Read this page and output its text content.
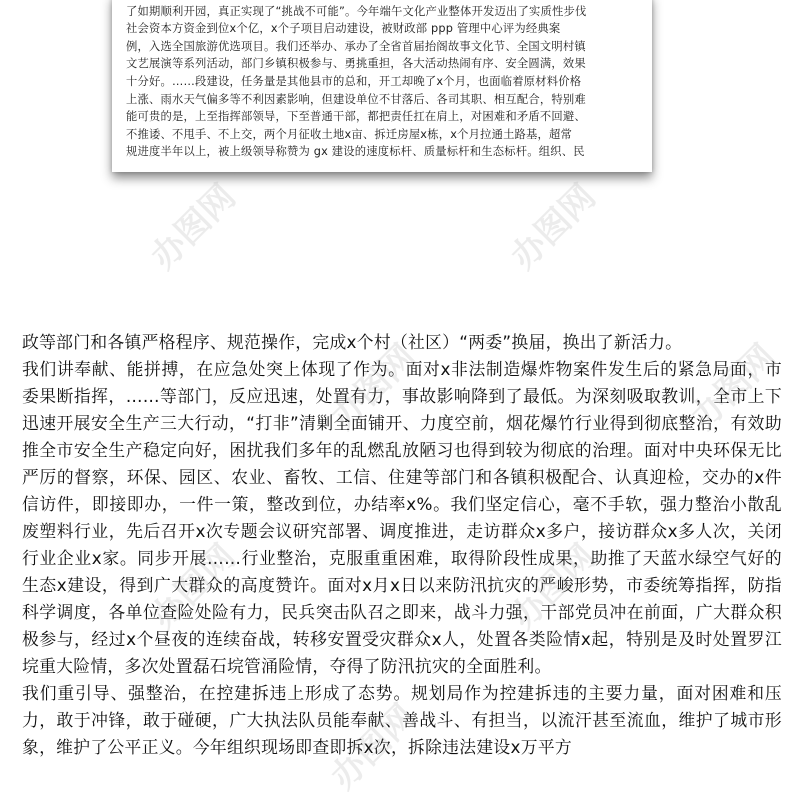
了如期顺利开园，真正实现了“挑战不可能”。今年端午文化产业整体开发迈出了实质性步伐
社会资本方资金到位x个亿，x个子项目启动建设，被财政部 ppp 管理中心评为经典案
例，入选全国旅游优选项目。我们还举办、承办了全省首届抬阁故事文化节、全国文明村镇
文艺展演等系列活动，部门乡镇积极参与、勇挑重担，各大活动热闹有序、安全圆满，效果
十分好。……段建设，任务量是其他县市的总和，开工却晚了x个月，也面临着原材料价格
上涨、雨水天气偏多等不利因素影响，但建设单位不甘落后、各司其职、相互配合，特别难
能可贵的是，上至指挥部领导，下至普通干部，都把责任扛在肩上，对困难和矛盾不回避、
不推诿、不甩手、不上交，两个月征收土地x亩、拆迁房屋x栋，x个月拉通土路基，超常
规进度半年以上，被上级领导称赞为 gx 建设的速度标杆、质量标杆和生态标杆。组织、民

政等部门和各镇严格程序、规范操作，完成x个村（社区）“两委”换届，换出了新活力。

我们讲奉献、能拼搏，在应急处突上体现了作为。面对x非法制造爆炸物案件发生后的紧急局面，市委果断指挥，……等部门，反应迅速，处置有力，事故影响降到了最低。为深刻吸取教训，全市上下迅速开展安全生产三大行动，“打非”清剿全面铺开、力度空前，烟花爆竹行业得到彻底整治，有效助推全市安全生产稳定向好，困扰我们多年的乱燃乱放陋习也得到较为彻底的治理。面对中央环保无比严厉的督察，环保、园区、农业、畜牧、工信、住建等部门和各镇积极配合、认真迎检，交办的x件信访件，即接即办，一件一策，整改到位，办结率x%。我们坚定信心，毫不手软，强力整治小散乱废塑料行业，先后召开x次专题会议研究部署、调度推进，走访群众x多户，接访群众x多人次，关闭行业企业x家。同步开展……行业整治，克服重重困难，取得阶段性成果，助推了天蓝水绿空气好的生态x建设，得到广大群众的高度赞许。面对x月x日以来防汛抗灾的严峻形势，市委统筹指挥，防指科学调度，各单位查险处险有力，民兵突击队召之即来，战斗力强，干部党员冲在前面，广大群众积极参与，经过x个昼夜的连续奋战，转移安置受灾群众x人，处置各类险情x起，特别是及时处置罗江垸重大险情，多次处置磊石垸管涌险情，夺得了防汛抗灾的全面胜利。

我们重引导、强整治，在控建拆违上形成了态势。规划局作为控建拆违的主要力量，面对困难和压力，敢于冲锋，敢于碰硬，广大执法队员能奉献、善战斗、有担当，以流汗甚至流血，维护了城市形象，维护了公平正义。今年组织现场即查即拆x次，拆除违法建设x万平方

办图网	办图网
办图网	办图网
办图网	办图网
办图网
